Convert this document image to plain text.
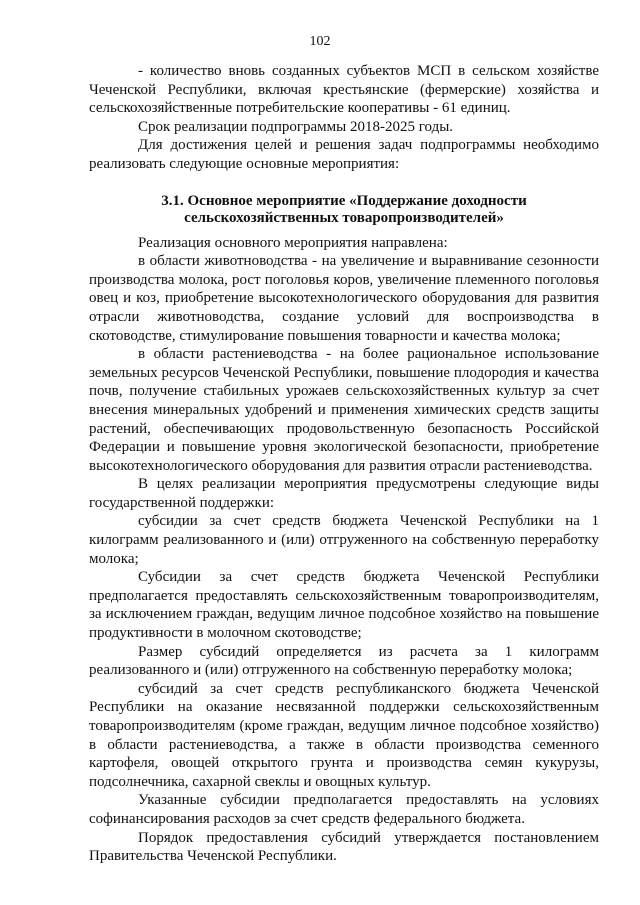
102

- количество вновь созданных субъектов МСП в сельском хозяйстве Чеченской Республики, включая крестьянские (фермерские) хозяйства и сельскохозяйственные потребительские кооперативы - 61 единиц.

Срок реализации подпрограммы 2018-2025 годы.

Для достижения целей и решения задач подпрограммы необходимо реализовать следующие основные мероприятия:

3.1. Основное мероприятие «Поддержание доходности
сельскохозяйственных товаропроизводителей»

Реализация основного мероприятия направлена:

в области животноводства - на увеличение и выравнивание сезонности производства молока, рост поголовья коров, увеличение племенного поголовья овец и коз, приобретение высокотехнологического оборудования для развития отрасли животноводства, создание условий для воспроизводства в скотоводстве, стимулирование повышения товарности и качества молока;

в области растениеводства - на более рациональное использование земельных ресурсов Чеченской Республики, повышение плодородия и качества почв, получение стабильных урожаев сельскохозяйственных культур за счет внесения минеральных удобрений и применения химических средств защиты растений, обеспечивающих продовольственную безопасность Российской Федерации и повышение уровня экологической безопасности, приобретение высокотехнологического оборудования для развития отрасли растениеводства.

В целях реализации мероприятия предусмотрены следующие виды государственной поддержки:

субсидии за счет средств бюджета Чеченской Республики на 1 килограмм реализованного и (или) отгруженного на собственную переработку молока;

Субсидии за счет средств бюджета Чеченской Республики предполагается предоставлять сельскохозяйственным товаропроизводителям, за исключением граждан, ведущим личное подсобное хозяйство на повышение продуктивности в молочном скотоводстве;

Размер субсидий определяется из расчета за 1 килограмм реализованного и (или) отгруженного на собственную переработку молока;

субсидий за счет средств республиканского бюджета Чеченской Республики на оказание несвязанной поддержки сельскохозяйственным товаропроизводителям (кроме граждан, ведущим личное подсобное хозяйство) в области растениеводства, а также в области производства семенного картофеля, овощей открытого грунта и производства семян кукурузы, подсолнечника, сахарной свеклы и овощных культур.

Указанные субсидии предполагается предоставлять на условиях софинансирования расходов за счет средств федерального бюджета.

Порядок предоставления субсидий утверждается постановлением Правительства Чеченской Республики.
